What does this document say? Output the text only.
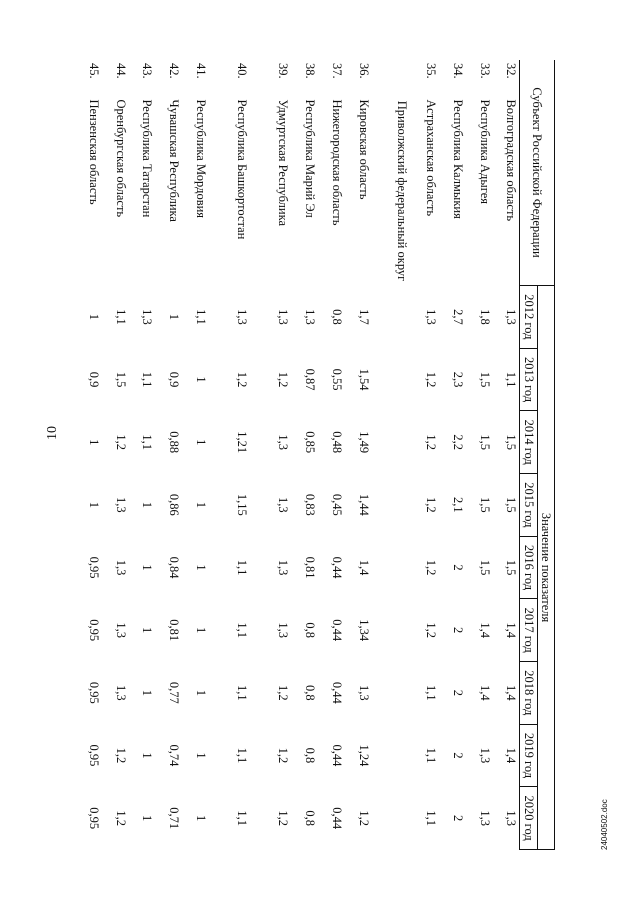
10
24040502.doc
Субъект Российской Федерации		Значение показателя								
		2012 год	2013 год	2014 год	2015 год	2016 год	2017 год	2018 год	2019 год	2020 год
32.	Волгоградская область	1,3	1,1	1,5	1,5	1,5	1,4	1,4	1,4	1,3
33.	Республика Адыгея	1,8	1,5	1,5	1,5	1,5	1,4	1,4	1,3	1,3
34.	Республика Калмыкия	2,7	2,3	2,2	2,1	2	2	2	2	2
35.	Астраханская область	1,3	1,2	1,2	1,2	1,2	1,2	1,1	1,1	1,1
	Приволжский федеральный округ									
36.	Кировская область	1,7	1,54	1,49	1,44	1,4	1,34	1,3	1,24	1,2
37.	Нижегородская область	0,8	0,55	0,48	0,45	0,44	0,44	0,44	0,44	0,44
38.	Республика Марий Эл	1,3	0,87	0,85	0,83	0,81	0,8	0,8	0,8	0,8
39.	Удмуртская Республика	1,3	1,2	1,3	1,3	1,3	1,3	1,2	1,2	1,2
40.	Республика Башкортостан	1,3	1,2	1,21	1,15	1,1	1,1	1,1	1,1	1,1
41.	Республика Мордовия	1,1	1	1	1	1	1	1	1	1
42.	Чувашская Республика	1	0,9	0,88	0,86	0,84	0,81	0,77	0,74	0,71
43.	Республика Татарстан	1,3	1,1	1,1	1	1	1	1	1	1
44.	Оренбургская область	1,1	1,5	1,2	1,3	1,3	1,3	1,3	1,2	1,2
45.	Пензенская область	1	0,9	1	1	0,95	0,95	0,95	0,95	0,95
